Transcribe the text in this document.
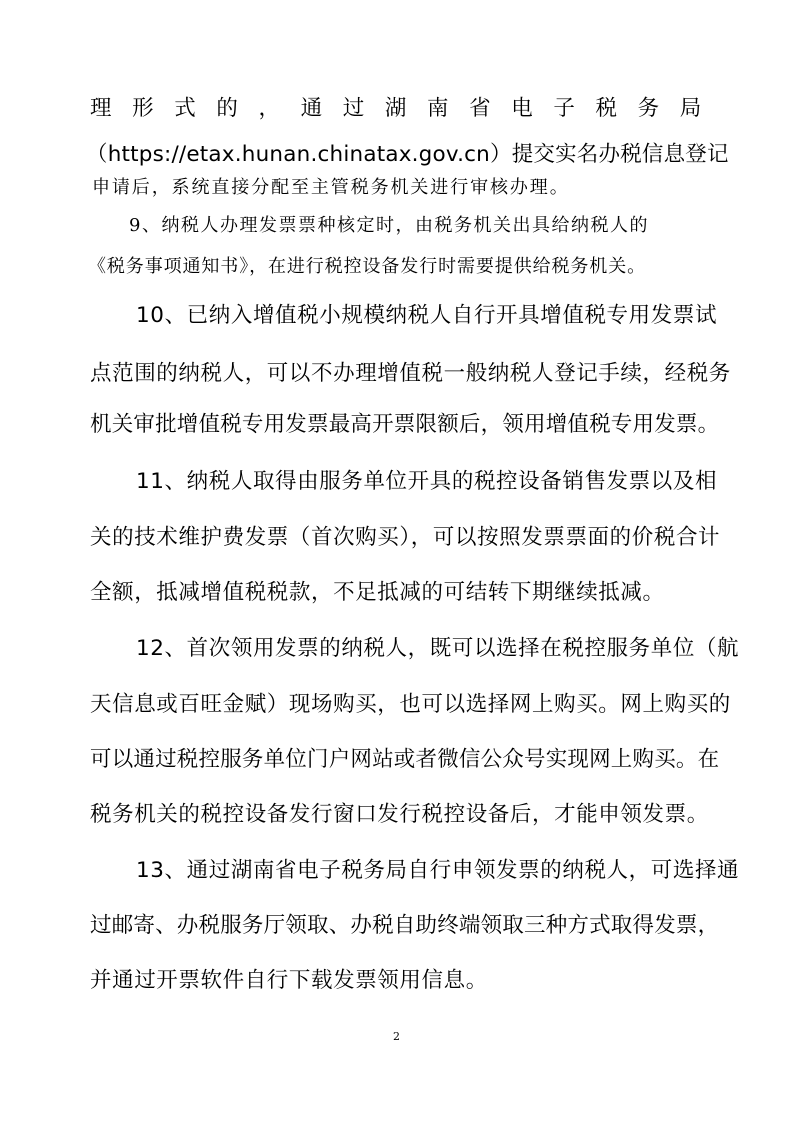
理 形 式 的 ， 通 过 湖 南 省 电 子 税 务 局

（https://etax.hunan.chinatax.gov.cn）提交实名办税信息登记

申请后，系统直接分配至主管税务机关进行审核办理。

9、纳税人办理发票票种核定时，由税务机关出具给纳税人的

《税务事项通知书》，在进行税控设备发行时需要提供给税务机关。

10、已纳入增值税小规模纳税人自行开具增值税专用发票试

点范围的纳税人，可以不办理增值税一般纳税人登记手续，经税务

机关审批增值税专用发票最高开票限额后，领用增值税专用发票。

11、纳税人取得由服务单位开具的税控设备销售发票以及相

关的技术维护费发票（首次购买），可以按照发票票面的价税合计

全额，抵减增值税税款，不足抵减的可结转下期继续抵减。

12、首次领用发票的纳税人，既可以选择在税控服务单位（航

天信息或百旺金赋）现场购买，也可以选择网上购买。网上购买的

可以通过税控服务单位门户网站或者微信公众号实现网上购买。在

税务机关的税控设备发行窗口发行税控设备后，才能申领发票。

13、通过湖南省电子税务局自行申领发票的纳税人，可选择通

过邮寄、办税服务厅领取、办税自助终端领取三种方式取得发票，

并通过开票软件自行下载发票领用信息。

2
